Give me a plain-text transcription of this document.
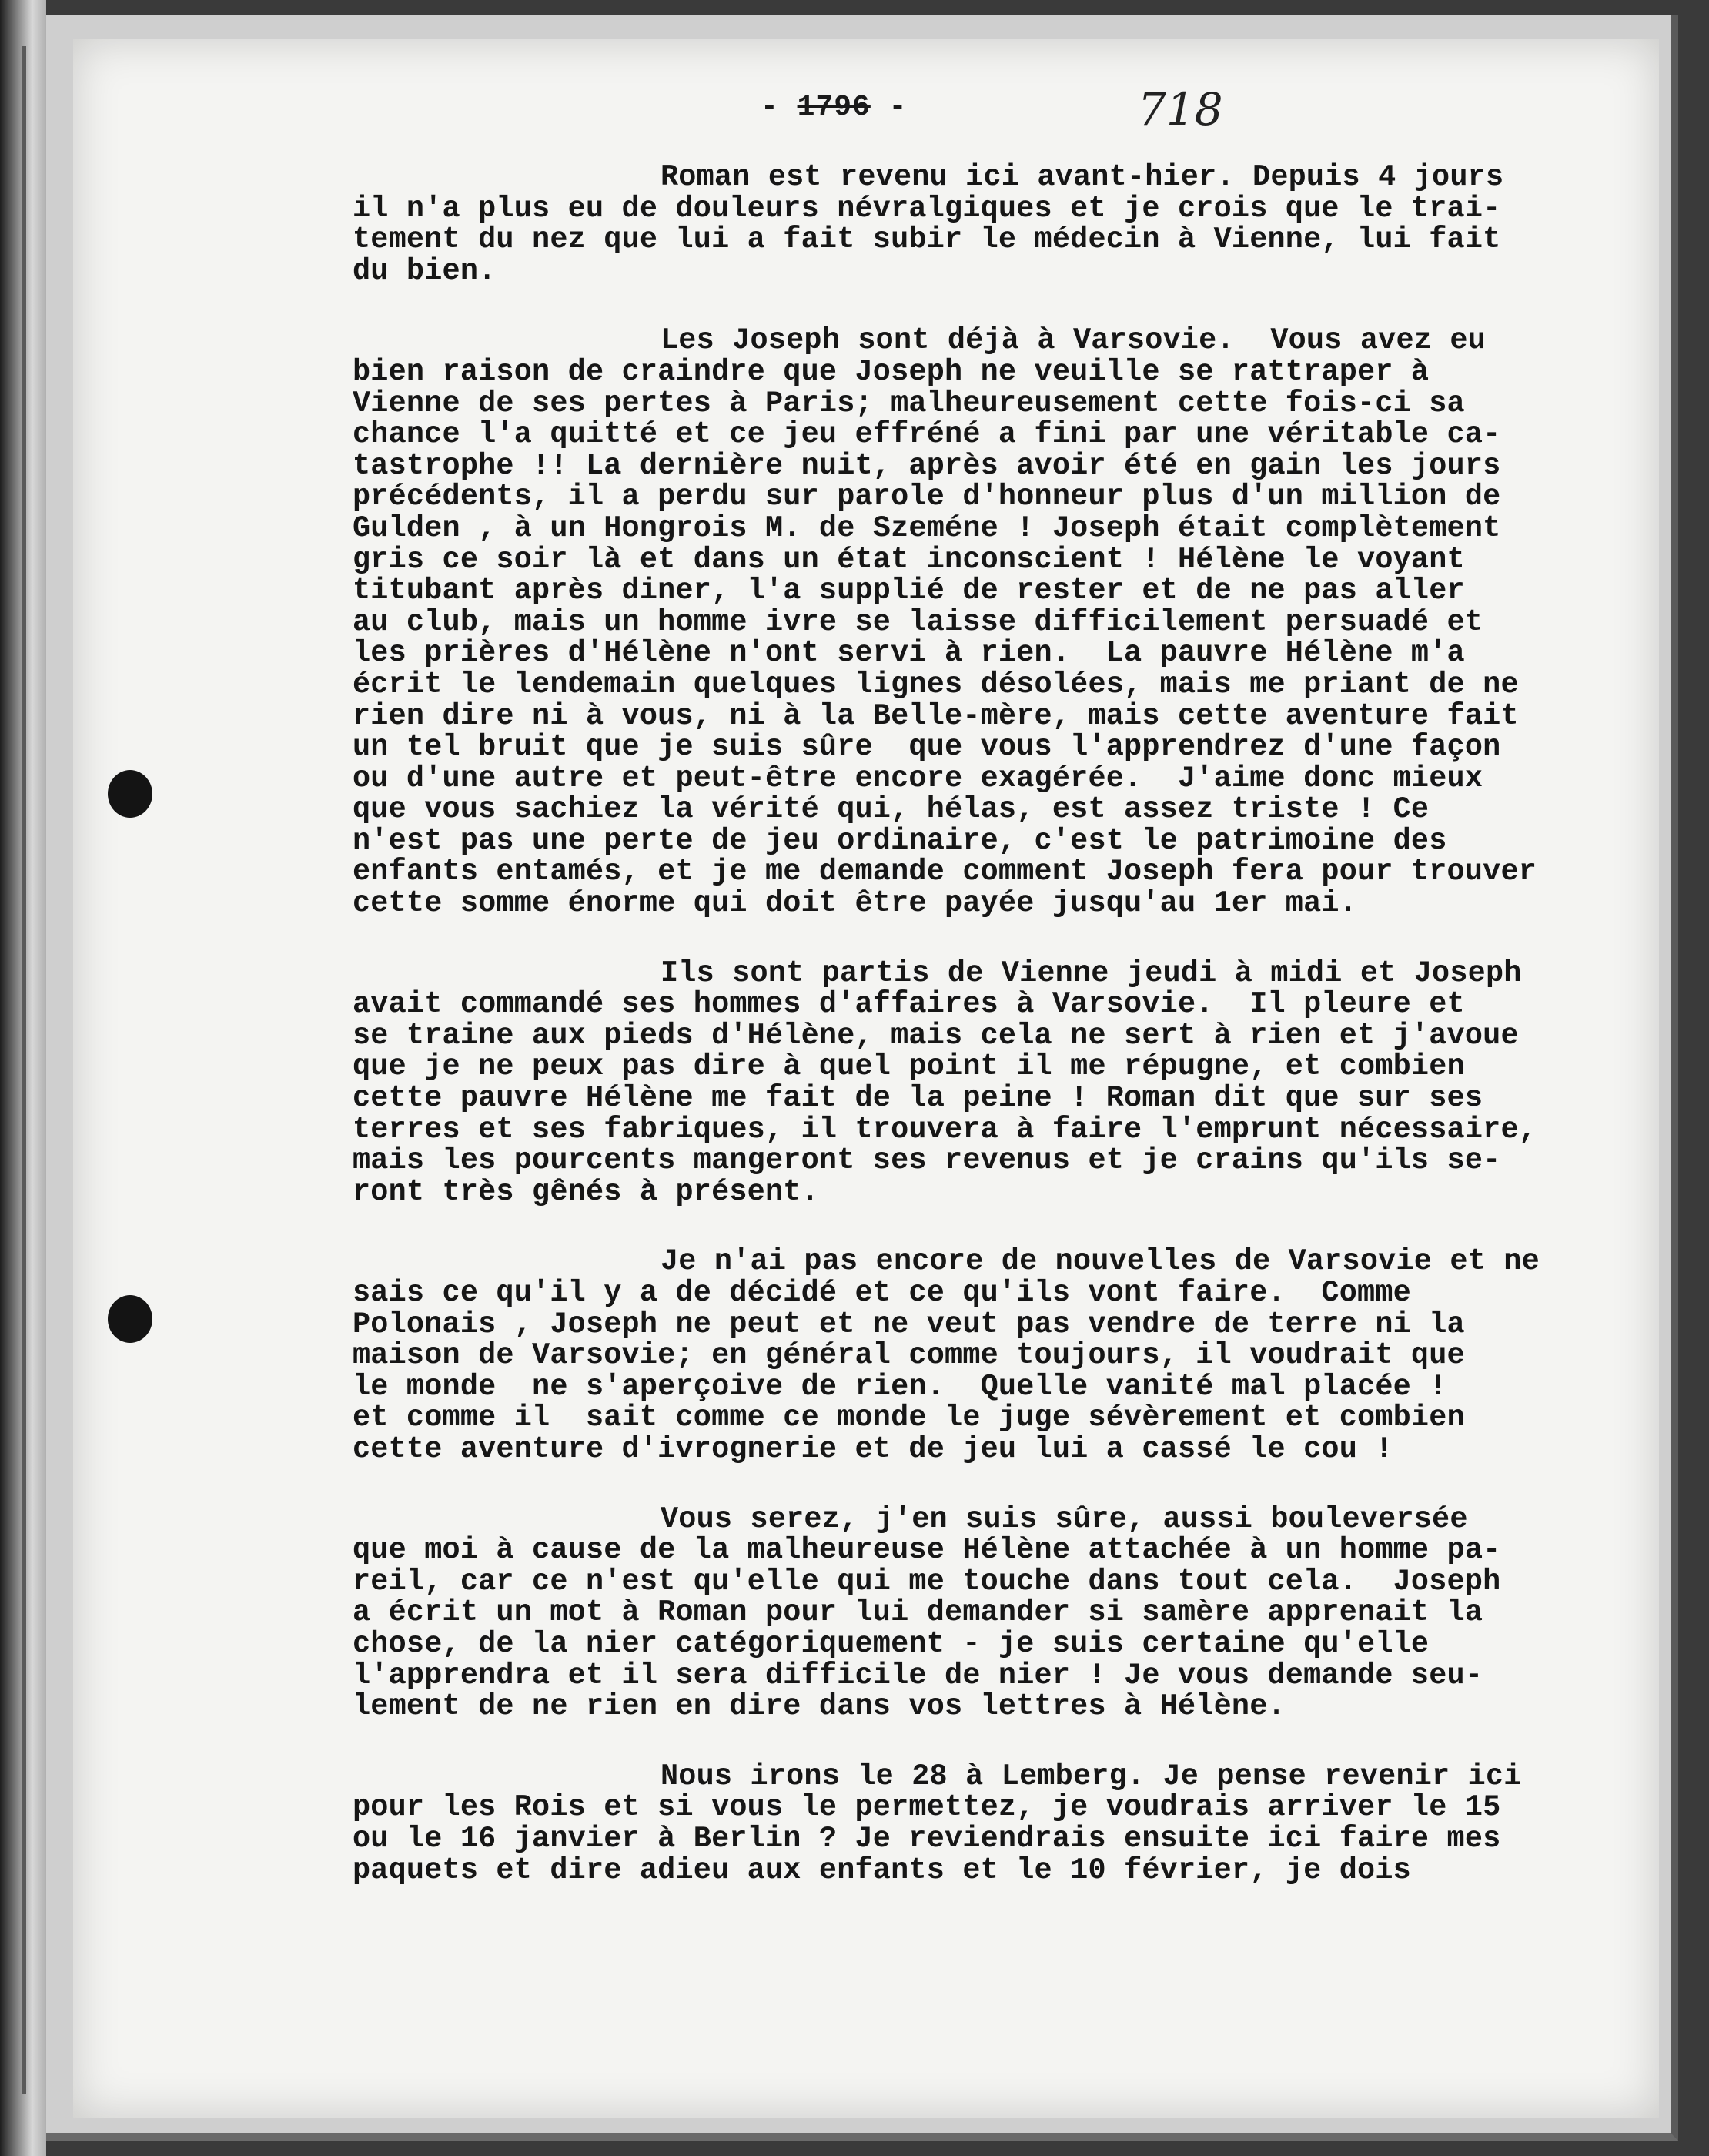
- 1796 -	718
Roman est revenu ici avant-hier. Depuis 4 jours
il n'a plus eu de douleurs névralgiques et je crois que le trai-
tement du nez que lui a fait subir le médecin à Vienne, lui fait
du bien.
Les Joseph sont déjà à Varsovie.  Vous avez eu
bien raison de craindre que Joseph ne veuille se rattraper à
Vienne de ses pertes à Paris; malheureusement cette fois-ci sa
chance l'a quitté et ce jeu effréné a fini par une véritable ca-
tastrophe !! La dernière nuit, après avoir été en gain les jours
précédents, il a perdu sur parole d'honneur plus d'un million de
Gulden , à un Hongrois M. de Szeméne ! Joseph était complètement
gris ce soir là et dans un état inconscient ! Hélène le voyant
titubant après diner, l'a supplié de rester et de ne pas aller
au club, mais un homme ivre se laisse difficilement persuadé et
les prières d'Hélène n'ont servi à rien.  La pauvre Hélène m'a
écrit le lendemain quelques lignes désolées, mais me priant de ne
rien dire ni à vous, ni à la Belle-mère, mais cette aventure fait
un tel bruit que je suis sûre  que vous l'apprendrez d'une façon
ou d'une autre et peut-être encore exagérée.  J'aime donc mieux
que vous sachiez la vérité qui, hélas, est assez triste ! Ce
n'est pas une perte de jeu ordinaire, c'est le patrimoine des
enfants entamés, et je me demande comment Joseph fera pour trouver
cette somme énorme qui doit être payée jusqu'au 1er mai.
Ils sont partis de Vienne jeudi à midi et Joseph
avait commandé ses hommes d'affaires à Varsovie.  Il pleure et
se traine aux pieds d'Hélène, mais cela ne sert à rien et j'avoue
que je ne peux pas dire à quel point il me répugne, et combien
cette pauvre Hélène me fait de la peine ! Roman dit que sur ses
terres et ses fabriques, il trouvera à faire l'emprunt nécessaire,
mais les pourcents mangeront ses revenus et je crains qu'ils se-
ront très gênés à présent.
Je n'ai pas encore de nouvelles de Varsovie et ne
sais ce qu'il y a de décidé et ce qu'ils vont faire.  Comme
Polonais , Joseph ne peut et ne veut pas vendre de terre ni la
maison de Varsovie; en général comme toujours, il voudrait que
le monde  ne s'aperçoive de rien.  Quelle vanité mal placée !
et comme il  sait comme ce monde le juge sévèrement et combien
cette aventure d'ivrognerie et de jeu lui a cassé le cou !
Vous serez, j'en suis sûre, aussi bouleversée
que moi à cause de la malheureuse Hélène attachée à un homme pa-
reil, car ce n'est qu'elle qui me touche dans tout cela.  Joseph
a écrit un mot à Roman pour lui demander si samère apprenait la
chose, de la nier catégoriquement - je suis certaine qu'elle
l'apprendra et il sera difficile de nier ! Je vous demande seu-
lement de ne rien en dire dans vos lettres à Hélène.
Nous irons le 28 à Lemberg. Je pense revenir ici
pour les Rois et si vous le permettez, je voudrais arriver le 15
ou le 16 janvier à Berlin ? Je reviendrais ensuite ici faire mes
paquets et dire adieu aux enfants et le 10 février, je dois
